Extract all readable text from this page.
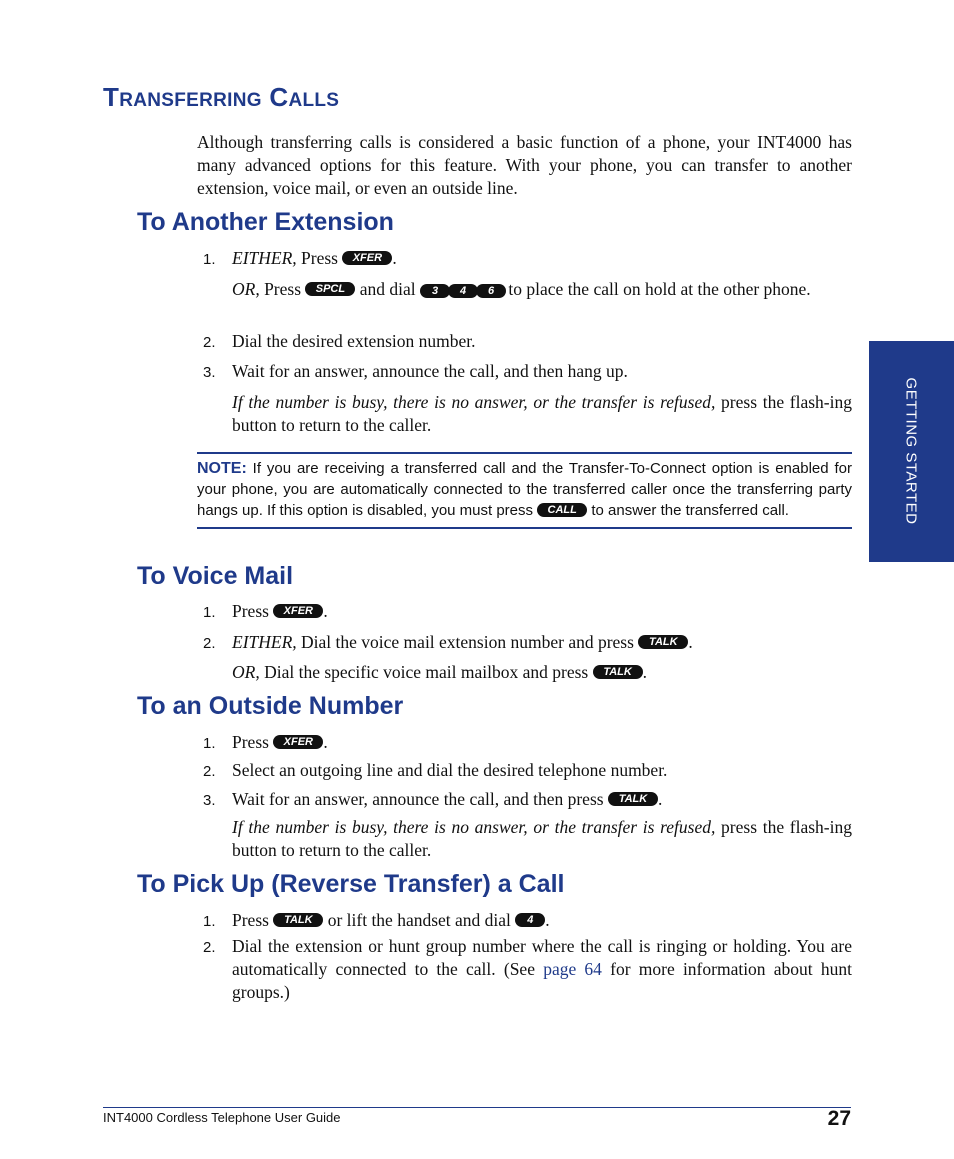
TRANSFERRING CALLS
Although transferring calls is considered a basic function of a phone, your INT4000 has many advanced options for this feature. With your phone, you can transfer to another extension, voice mail, or even an outside line.
To Another Extension
1. EITHER, Press XFER .
OR, Press SPCL and dial 3 4 6 to place the call on hold at the other phone.
2. Dial the desired extension number.
3. Wait for an answer, announce the call, and then hang up.
If the number is busy, there is no answer, or the transfer is refused, press the flash-ing button to return to the caller.
NOTE: If you are receiving a transferred call and the Transfer-To-Connect option is enabled for your phone, you are automatically connected to the transferred caller once the transferring party hangs up. If this option is disabled, you must press CALL to answer the transferred call.
To Voice Mail
1. Press XFER .
2. EITHER, Dial the voice mail extension number and press TALK .
OR, Dial the specific voice mail mailbox and press TALK .
To an Outside Number
1. Press XFER .
2. Select an outgoing line and dial the desired telephone number.
3. Wait for an answer, announce the call, and then press TALK .
If the number is busy, there is no answer, or the transfer is refused, press the flash-ing button to return to the caller.
To Pick Up (Reverse Transfer) a Call
1. Press TALK or lift the handset and dial 4 .
2. Dial the extension or hunt group number where the call is ringing or holding. You are automatically connected to the call. (See page 64 for more information about hunt groups.)
GETTING STARTED
INT4000 Cordless Telephone User Guide	27
